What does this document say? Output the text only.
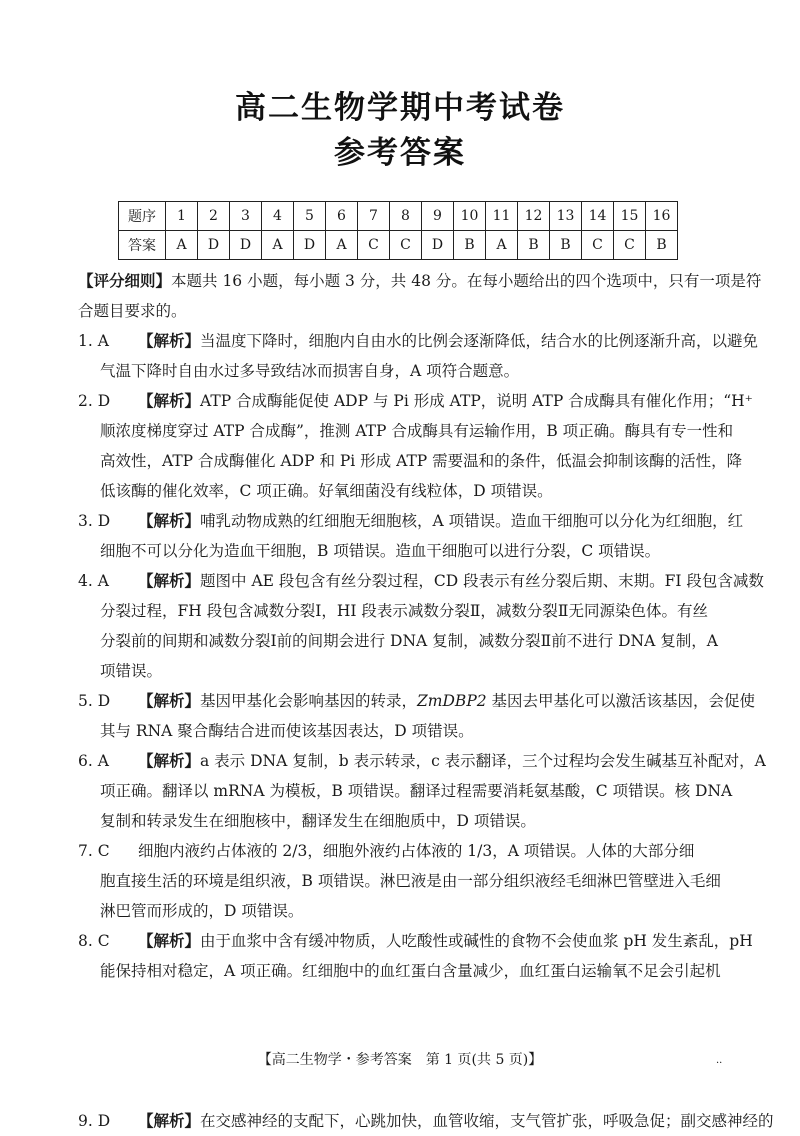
高二生物学期中考试卷
参考答案
题序	1	2	3	4	5	6	7	8	9	10	11	12	13	14	15	16
答案	A	D	D	A	D	A	C	C	D	B	A	B	B	C	C	B
【评分细则】本题共 16 小题，每小题 3 分，共 48 分。在每小题给出的四个选项中，只有一项是符
合题目要求的。
1. A 【解析】当温度下降时，细胞内自由水的比例会逐渐降低，结合水的比例逐渐升高，以避免
气温下降时自由水过多导致结冰而损害自身，A 项符合题意。
2. D 【解析】ATP 合成酶能促使 ADP 与 Pi 形成 ATP，说明 ATP 合成酶具有催化作用；“H⁺
顺浓度梯度穿过 ATP 合成酶”，推测 ATP 合成酶具有运输作用，B 项正确。酶具有专一性和
高效性，ATP 合成酶催化 ADP 和 Pi 形成 ATP 需要温和的条件，低温会抑制该酶的活性，降
低该酶的催化效率，C 项正确。好氧细菌没有线粒体，D 项错误。
3. D 【解析】哺乳动物成熟的红细胞无细胞核，A 项错误。造血干细胞可以分化为红细胞，红
细胞不可以分化为造血干细胞，B 项错误。造血干细胞可以进行分裂，C 项错误。
4. A 【解析】题图中 AE 段包含有丝分裂过程，CD 段表示有丝分裂后期、末期。FI 段包含减数
分裂过程，FH 段包含减数分裂Ⅰ，HI 段表示减数分裂Ⅱ，减数分裂Ⅱ无同源染色体。有丝
分裂前的间期和减数分裂Ⅰ前的间期会进行 DNA 复制，减数分裂Ⅱ前不进行 DNA 复制，A
项错误。
5. D 【解析】基因甲基化会影响基因的转录，ZmDBP2 基因去甲基化可以激活该基因，会促使
其与 RNA 聚合酶结合进而使该基因表达，D 项错误。
6. A 【解析】a 表示 DNA 复制，b 表示转录，c 表示翻译，三个过程均会发生碱基互补配对，A
项正确。翻译以 mRNA 为模板，B 项错误。翻译过程需要消耗氨基酸，C 项错误。核 DNA
复制和转录发生在细胞核中，翻译发生在细胞质中，D 项错误。
7. C 细胞内液约占体液的 2/3，细胞外液约占体液的 1/3，A 项错误。人体的大部分细
胞直接生活的环境是组织液，B 项错误。淋巴液是由一部分组织液经毛细淋巴管壁进入毛细
淋巴管而形成的，D 项错误。
8. C 【解析】由于血浆中含有缓冲物质，人吃酸性或碱性的食物不会使血浆 pH 发生紊乱，pH
能保持相对稳定，A 项正确。红细胞中的血红蛋白含量减少，血红蛋白运输氧不足会引起机
【高二生物学・参考答案　第 1 页(共 5 页)】	··
9. D 【解析】在交感神经的支配下，心跳加快，血管收缩，支气管扩张，呼吸急促；副交感神经的
